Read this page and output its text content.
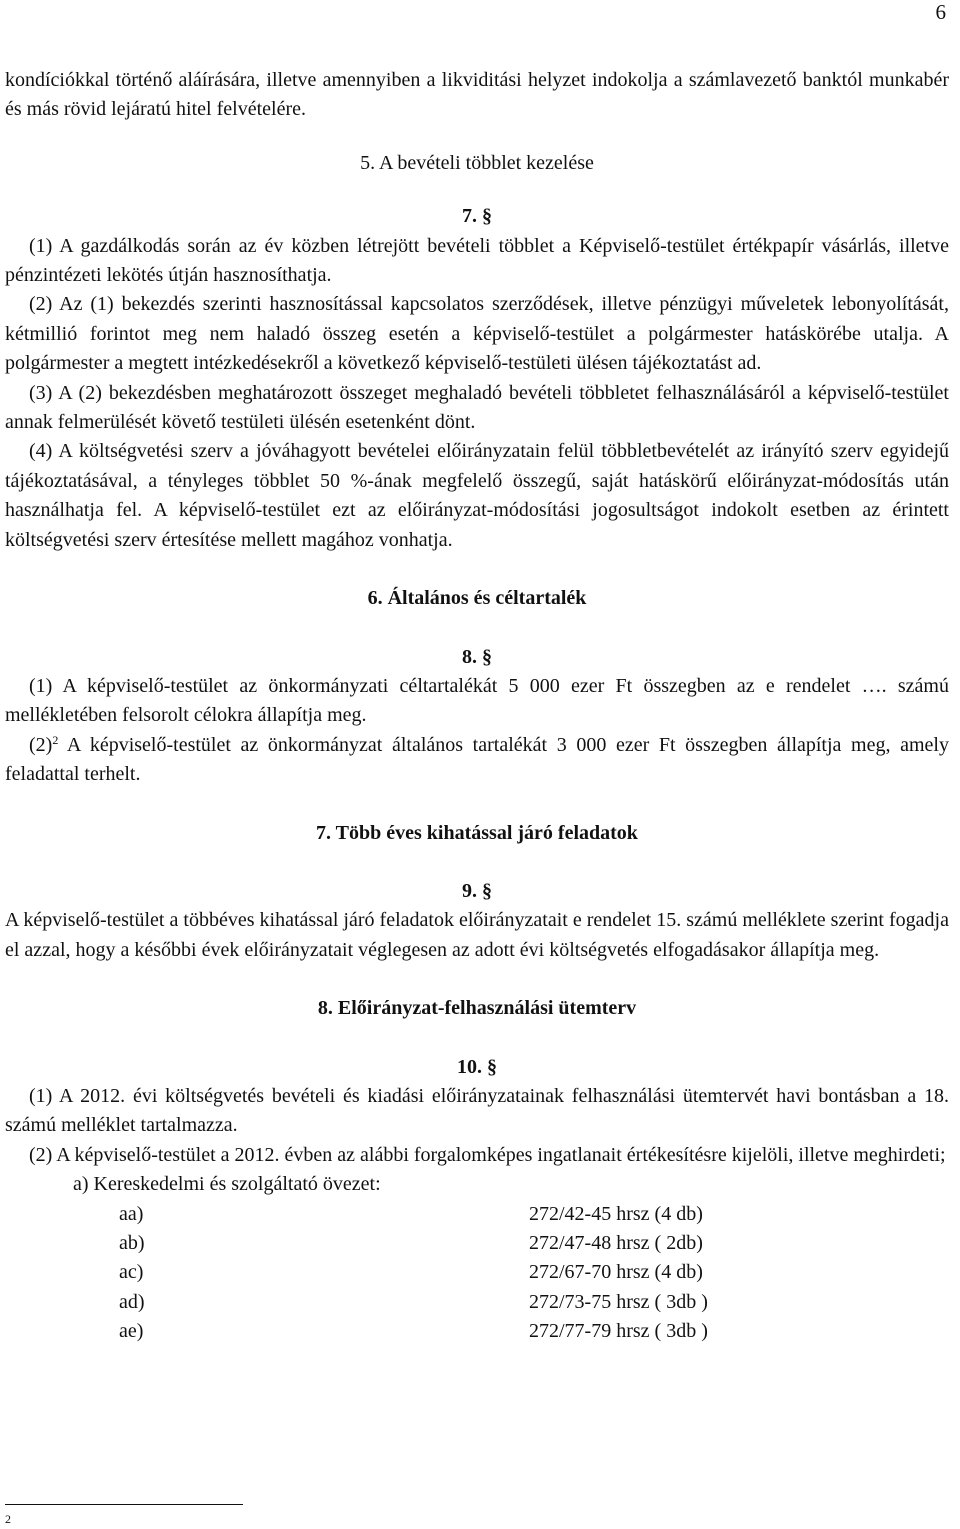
6

kondíciókkal történő aláírására, illetve amennyiben a likviditási helyzet indokolja a számlavezető banktól munkabér és más rövid lejáratú hitel felvételére.

5. A bevételi többlet kezelése

7. §

(1) A gazdálkodás során az év közben létrejött bevételi többlet a Képviselő-testület értékpapír vásárlás, illetve pénzintézeti lekötés útján hasznosíthatja.

(2) Az (1) bekezdés szerinti hasznosítással kapcsolatos szerződések, illetve pénzügyi műveletek lebonyolítását, kétmillió forintot meg nem haladó összeg esetén a képviselő-testület a polgármester hatáskörébe utalja. A polgármester a megtett intézkedésekről a következő képviselő-testületi ülésen tájékoztatást ad.

(3) A (2) bekezdésben meghatározott összeget meghaladó bevételi többletet felhasználásáról a képviselő-testület annak felmerülését követő testületi ülésén esetenként dönt.

(4) A költségvetési szerv a jóváhagyott bevételei előirányzatain felül többletbevételét az irányító szerv egyidejű tájékoztatásával, a tényleges többlet 50 %-ának megfelelő összegű, saját hatáskörű előirányzat-módosítás után használhatja fel. A képviselő-testület ezt az előirányzat-módosítási jogosultságot indokolt esetben az érintett költségvetési szerv értesítése mellett magához vonhatja.

6. Általános és céltartalék

8. §

(1) A képviselő-testület az önkormányzati céltartalékát 5 000 ezer Ft összegben az e rendelet …. számú mellékletében felsorolt célokra állapítja meg.

$(2)^2$ A képviselő-testület az önkormányzat általános tartalékát 3 000 ezer Ft összegben állapítja meg, amely feladattal terhelt.

7. Több éves kihatással járó feladatok

9. §

A képviselő-testület a többéves kihatással járó feladatok előirányzatait e rendelet 15. számú melléklete szerint fogadja el azzal, hogy a későbbi évek előirányzatait véglegesen az adott évi költségvetés elfogadásakor állapítja meg.

8. Előirányzat-felhasználási ütemterv

10. §

(1) A 2012. évi költségvetés bevételi és kiadási előirányzatainak felhasználási ütemtervét havi bontásban a 18. számú melléklet tartalmazza.

(2) A képviselő-testület a 2012. évben az alábbi forgalomképes ingatlanait értékesítésre kijelöli, illetve meghirdeti;

a) Kereskedelmi és szolgáltató övezet:

aa)	272/42-45 hrsz (4 db)
ab)	272/47-48 hrsz ( 2db)
ac)	272/67-70 hrsz (4 db)
ad)	272/73-75 hrsz ( 3db )
ae)	272/77-79 hrsz ( 3db )
2
